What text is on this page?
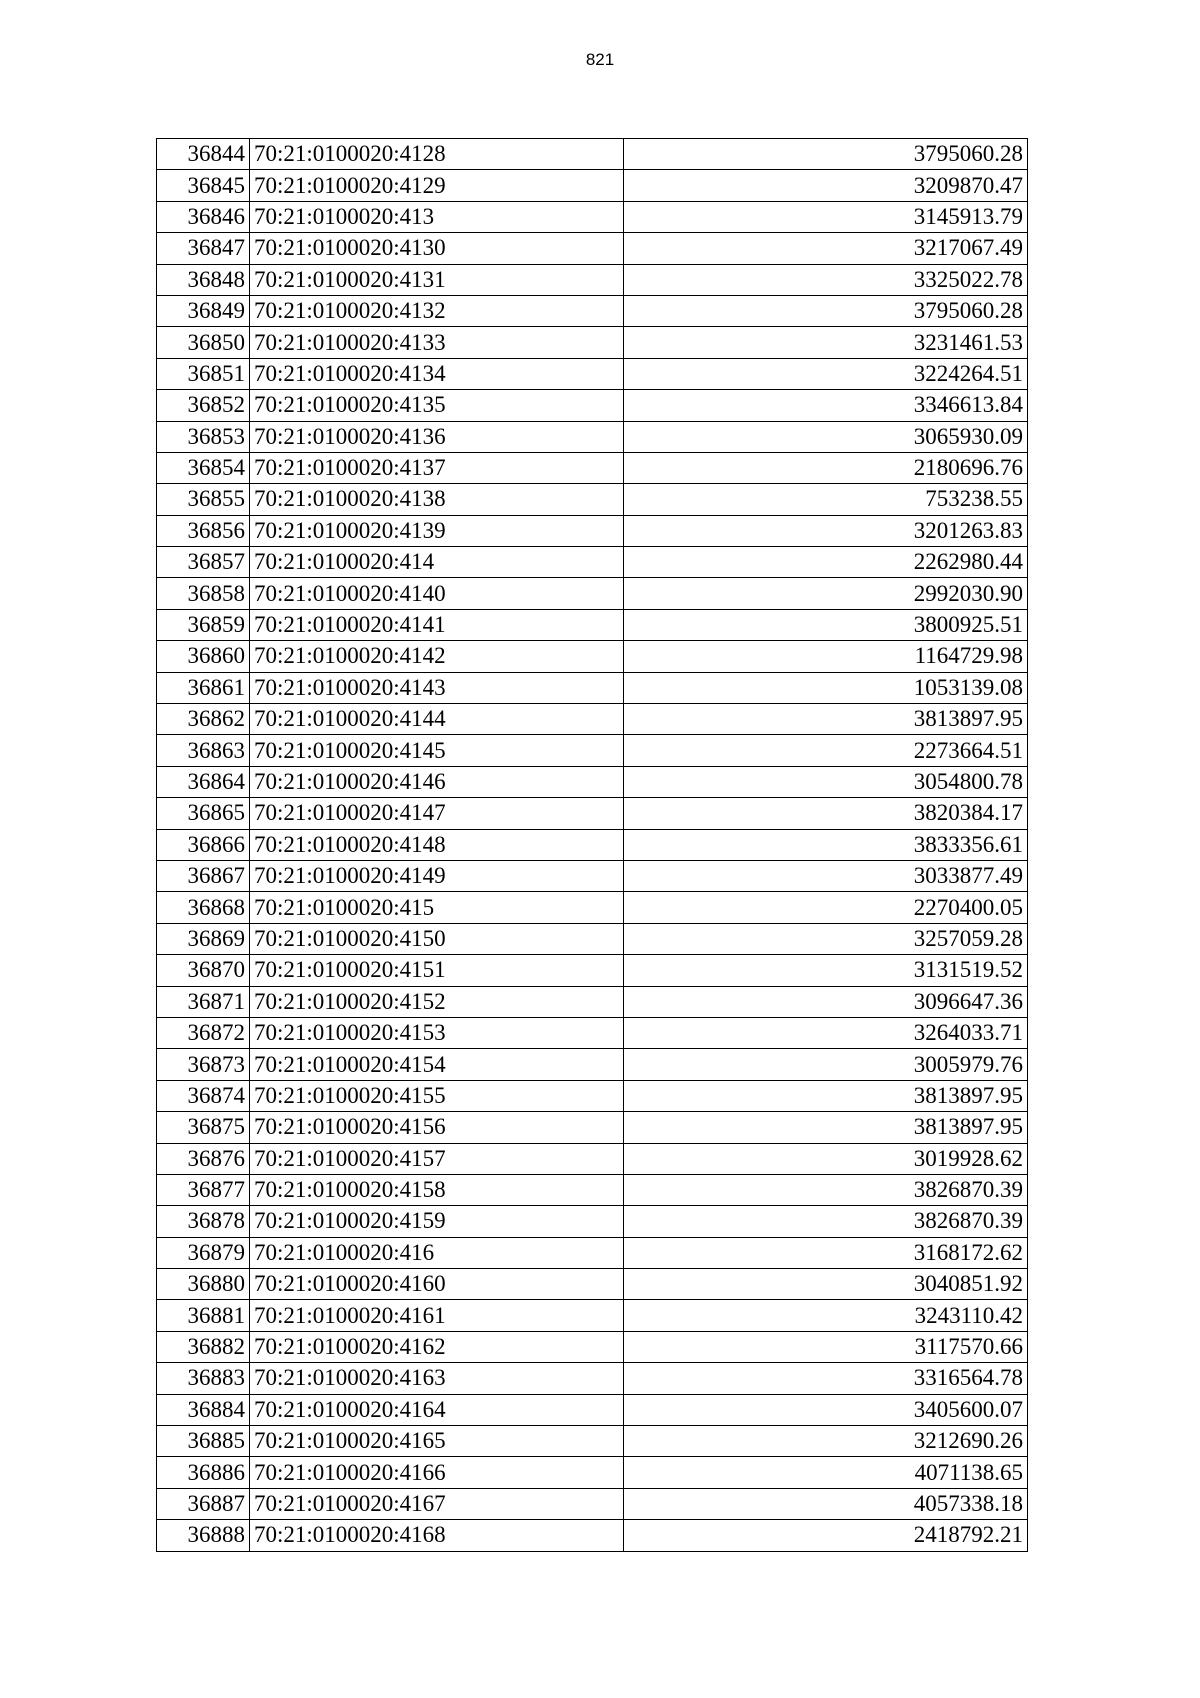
821
36844	70:21:0100020:4128	3795060.28
36845	70:21:0100020:4129	3209870.47
36846	70:21:0100020:413	3145913.79
36847	70:21:0100020:4130	3217067.49
36848	70:21:0100020:4131	3325022.78
36849	70:21:0100020:4132	3795060.28
36850	70:21:0100020:4133	3231461.53
36851	70:21:0100020:4134	3224264.51
36852	70:21:0100020:4135	3346613.84
36853	70:21:0100020:4136	3065930.09
36854	70:21:0100020:4137	2180696.76
36855	70:21:0100020:4138	753238.55
36856	70:21:0100020:4139	3201263.83
36857	70:21:0100020:414	2262980.44
36858	70:21:0100020:4140	2992030.90
36859	70:21:0100020:4141	3800925.51
36860	70:21:0100020:4142	1164729.98
36861	70:21:0100020:4143	1053139.08
36862	70:21:0100020:4144	3813897.95
36863	70:21:0100020:4145	2273664.51
36864	70:21:0100020:4146	3054800.78
36865	70:21:0100020:4147	3820384.17
36866	70:21:0100020:4148	3833356.61
36867	70:21:0100020:4149	3033877.49
36868	70:21:0100020:415	2270400.05
36869	70:21:0100020:4150	3257059.28
36870	70:21:0100020:4151	3131519.52
36871	70:21:0100020:4152	3096647.36
36872	70:21:0100020:4153	3264033.71
36873	70:21:0100020:4154	3005979.76
36874	70:21:0100020:4155	3813897.95
36875	70:21:0100020:4156	3813897.95
36876	70:21:0100020:4157	3019928.62
36877	70:21:0100020:4158	3826870.39
36878	70:21:0100020:4159	3826870.39
36879	70:21:0100020:416	3168172.62
36880	70:21:0100020:4160	3040851.92
36881	70:21:0100020:4161	3243110.42
36882	70:21:0100020:4162	3117570.66
36883	70:21:0100020:4163	3316564.78
36884	70:21:0100020:4164	3405600.07
36885	70:21:0100020:4165	3212690.26
36886	70:21:0100020:4166	4071138.65
36887	70:21:0100020:4167	4057338.18
36888	70:21:0100020:4168	2418792.21
